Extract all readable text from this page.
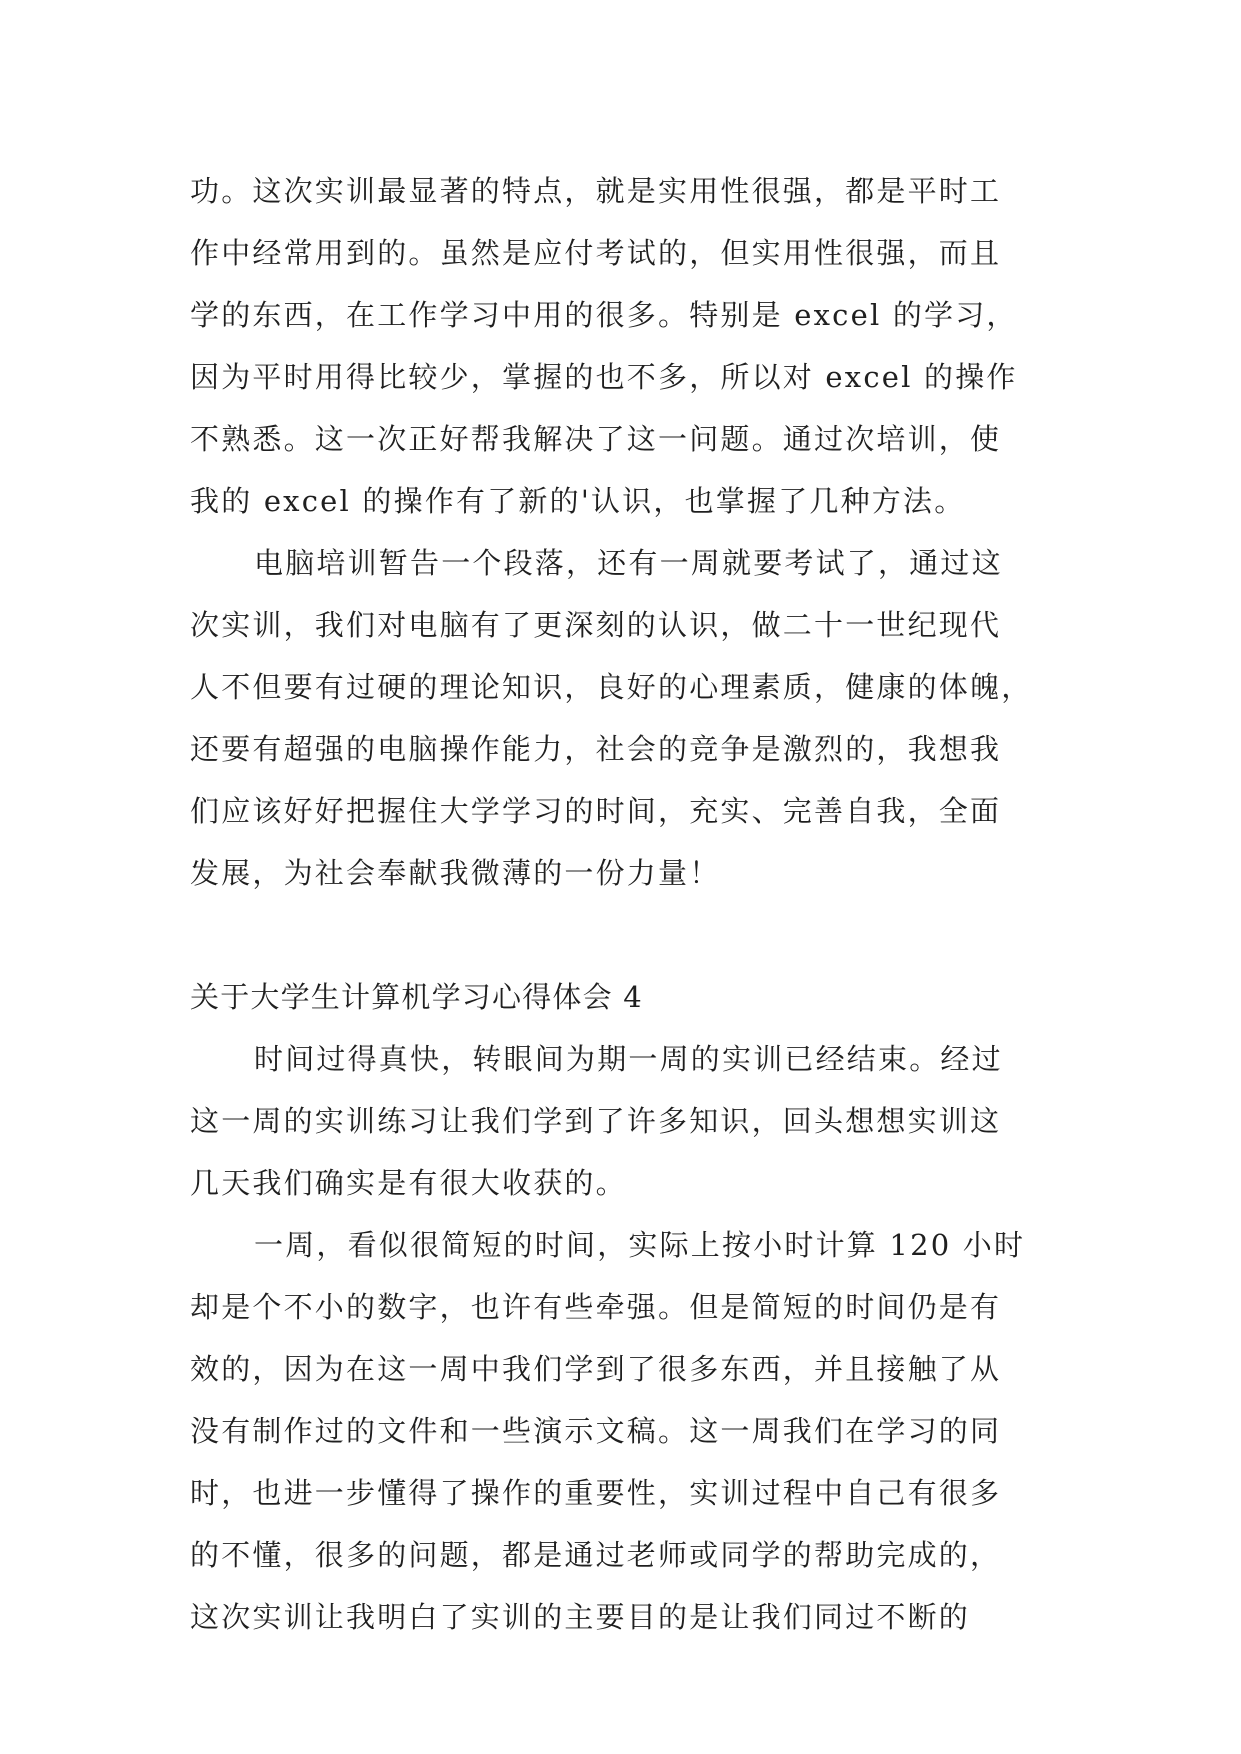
功。这次实训最显著的特点，就是实用性很强，都是平时工
作中经常用到的。虽然是应付考试的，但实用性很强，而且
学的东西，在工作学习中用的很多。特别是 excel 的学习，
因为平时用得比较少，掌握的也不多，所以对 excel 的操作
不熟悉。这一次正好帮我解决了这一问题。通过次培训，使
我的 excel 的操作有了新的'认识，也掌握了几种方法。
电脑培训暂告一个段落，还有一周就要考试了，通过这
次实训，我们对电脑有了更深刻的认识，做二十一世纪现代
人不但要有过硬的理论知识，良好的心理素质，健康的体魄，
还要有超强的电脑操作能力，社会的竞争是激烈的，我想我
们应该好好把握住大学学习的时间，充实、完善自我，全面
发展，为社会奉献我微薄的一份力量！
关于大学生计算机学习心得体会 4
时间过得真快，转眼间为期一周的实训已经结束。经过
这一周的实训练习让我们学到了许多知识，回头想想实训这
几天我们确实是有很大收获的。
一周，看似很简短的时间，实际上按小时计算 120 小时
却是个不小的数字，也许有些牵强。但是简短的时间仍是有
效的，因为在这一周中我们学到了很多东西，并且接触了从
没有制作过的文件和一些演示文稿。这一周我们在学习的同
时，也进一步懂得了操作的重要性，实训过程中自己有很多
的不懂，很多的问题，都是通过老师或同学的帮助完成的，
这次实训让我明白了实训的主要目的是让我们同过不断的
